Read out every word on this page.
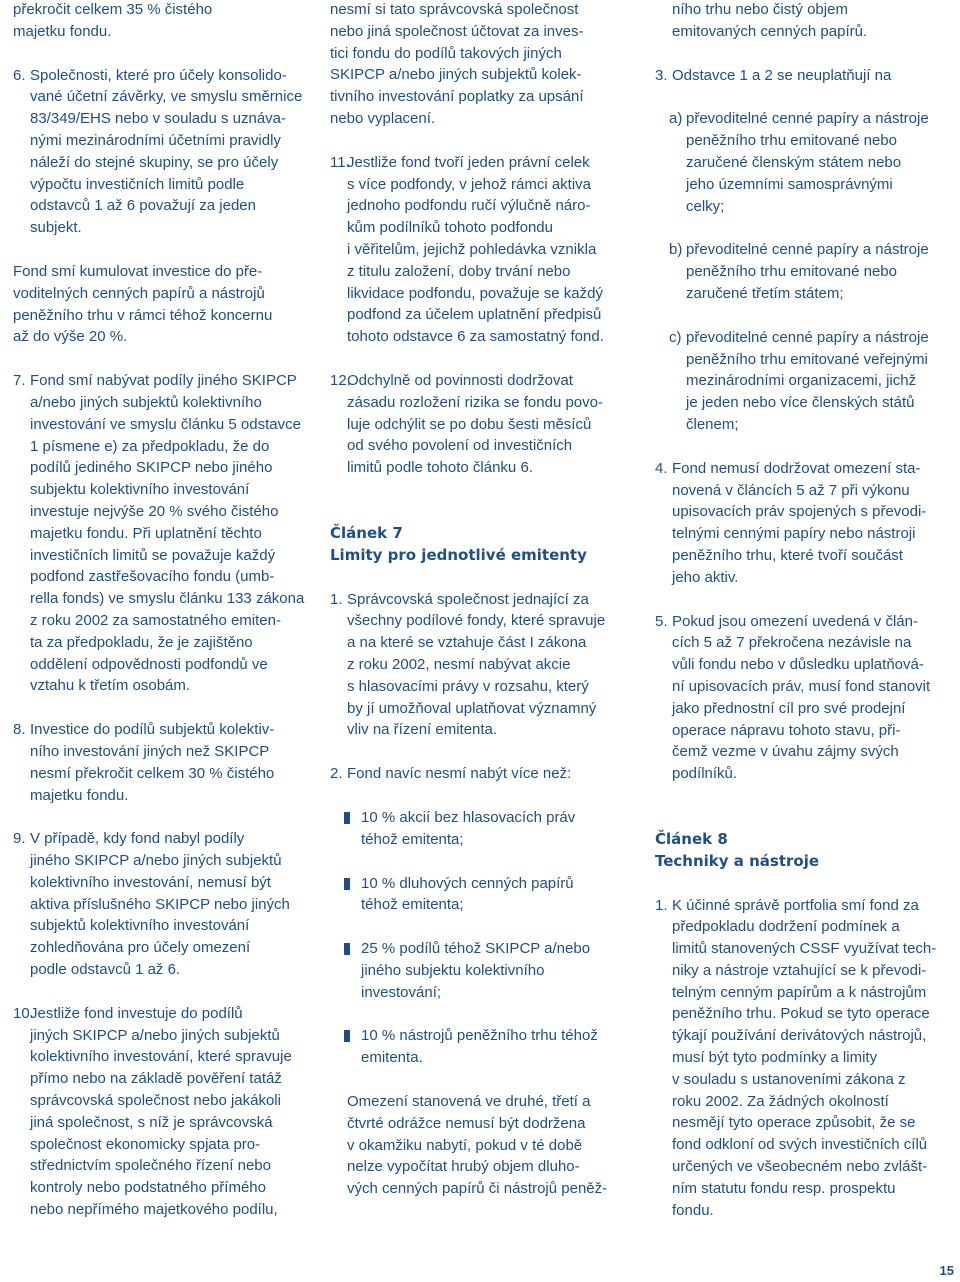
překročit celkem 35 % čistého
majetku fondu.

6. Společnosti, které pro účely konsolido-
vané účetní závěrky, ve smyslu směrnice
83/349/EHS nebo v souladu s uznáva-
nými mezinárodními účetními pravidly
náleží do stejné skupiny, se pro účely
výpočtu investičních limitů podle
odstavců 1 až 6 považují za jeden
subjekt.

Fond smí kumulovat investice do pře-
voditelných cenných papírů a nástrojů
peněžního trhu v rámci téhož koncernu
až do výše 20 %.

7. Fond smí nabývat podíly jiného SKIPCP
a/nebo jiných subjektů kolektivního
investování ve smyslu článku 5 odstavce
1 písmene e) za předpokladu, že do
podílů jediného SKIPCP nebo jiného
subjektu kolektivního investování
investuje nejvýše 20 % svého čistého
majetku fondu. Při uplatnění těchto
investičních limitů se považuje každý
podfond zastřešovacího fondu (umb-
rella fonds) ve smyslu článku 133 zákona
z roku 2002 za samostatného emiten-
ta za předpokladu, že je zajištěno
oddělení odpovědnosti podfondů ve
vztahu k třetím osobám.

8. Investice do podílů subjektů kolektiv-
ního investování jiných než SKIPCP
nesmí překročit celkem 30 % čistého
majetku fondu.

9. V případě, kdy fond nabyl podíly
jiného SKIPCP a/nebo jiných subjektů
kolektivního investování, nemusí být
aktiva příslušného SKIPCP nebo jiných
subjektů kolektivního investování
zohledňována pro účely omezení
podle odstavců 1 až 6.

10.

Jestliže fond investuje do podílů
jiných SKIPCP a/nebo jiných subjektů
kolektivního investování, které spravuje
přímo nebo na základě pověření tatáž
správcovská společnost nebo jakákoli
jiná společnost, s níž je správcovská
společnost ekonomicky spjata pro-
střednictvím společného řízení nebo
kontroly nebo podstatného přímého
nebo nepřímého majetkového podílu,

nesmí si tato správcovská společnost
nebo jiná společnost účtovat za inves-
tici fondu do podílů takových jiných
SKIPCP a/nebo jiných subjektů kolek-
tivního investování poplatky za upsání
nebo vyplacení.

11.

Jestliže fond tvoří jeden právní celek
s více podfondy, v jehož rámci aktiva
jednoho podfondu ručí výlučně náro-
kům podílníků tohoto podfondu
i věřitelům, jejichž pohledávka vznikla
z titulu založení, doby trvání nebo
likvidace podfondu, považuje se každý
podfond za účelem uplatnění předpisů
tohoto odstavce 6 za samostatný fond.

12.

Odchylně od povinnosti dodržovat
zásadu rozložení rizika se fondu povo-
luje odchýlit se po dobu šesti měsíců
od svého povolení od investičních
limitů podle tohoto článku 6.

Článek 7

Limity pro jednotlivé emitenty

1. Správcovská společnost jednající za
všechny podílové fondy, které spravuje
a na které se vztahuje část I zákona
z roku 2002, nesmí nabývat akcie
s hlasovacími právy v rozsahu, který
by jí umožňoval uplatňovat významný
vliv na řízení emitenta.

2. Fond navíc nesmí nabýt více než:

10 % akcií bez hlasovacích práv
téhož emitenta;

10 % dluhových cenných papírů
téhož emitenta;

25 % podílů téhož SKIPCP a/nebo
jiného subjektu kolektivního
investování;

10 % nástrojů peněžního trhu téhož
emitenta.

Omezení stanovená ve druhé, třetí a
čtvrté odrážce nemusí být dodržena
v okamžiku nabytí, pokud v té době
nelze vypočítat hrubý objem dluho-
vých cenných papírů či nástrojů peněž-

ního trhu nebo čistý objem
emitovaných cenných papírů.

3. Odstavce 1 a 2 se neuplatňují na

a) převoditelné cenné papíry a nástroje
peněžního trhu emitované nebo
zaručené členským státem nebo
jeho územními samosprávnými
celky;

b) převoditelné cenné papíry a nástroje
peněžního trhu emitované nebo
zaručené třetím státem;

c) převoditelné cenné papíry a nástroje
peněžního trhu emitované veřejnými
mezinárodními organizacemi, jichž
je jeden nebo více členských států
členem;

4. Fond nemusí dodržovat omezení sta-
novená v článcích 5 až 7 při výkonu
upisovacích práv spojených s převodi-
telnými cennými papíry nebo nástroji
peněžního trhu, které tvoří součást
jeho aktiv.

5. Pokud jsou omezení uvedená v člán-
cích 5 až 7 překročena nezávisle na
vůli fondu nebo v důsledku uplatňová-
ní upisovacích práv, musí fond stanovit
jako přednostní cíl pro své prodejní
operace nápravu tohoto stavu, při-
čemž vezme v úvahu zájmy svých
podílníků.

Článek 8

Techniky a nástroje

1. K účinné správě portfolia smí fond za
předpokladu dodržení podmínek a
limitů stanovených CSSF využívat tech-
niky a nástroje vztahující se k převodi-
telným cenným papírům a k nástrojům
peněžního trhu. Pokud se tyto operace
týkají používání derivátových nástrojů,
musí být tyto podmínky a limity
v souladu s ustanoveními zákona z
roku 2002. Za žádných okolností
nesmějí tyto operace způsobit, že se
fond odkloní od svých investičních cílů
určených ve všeobecném nebo zvlášt-
ním statutu fondu resp. prospektu
fondu.

15
